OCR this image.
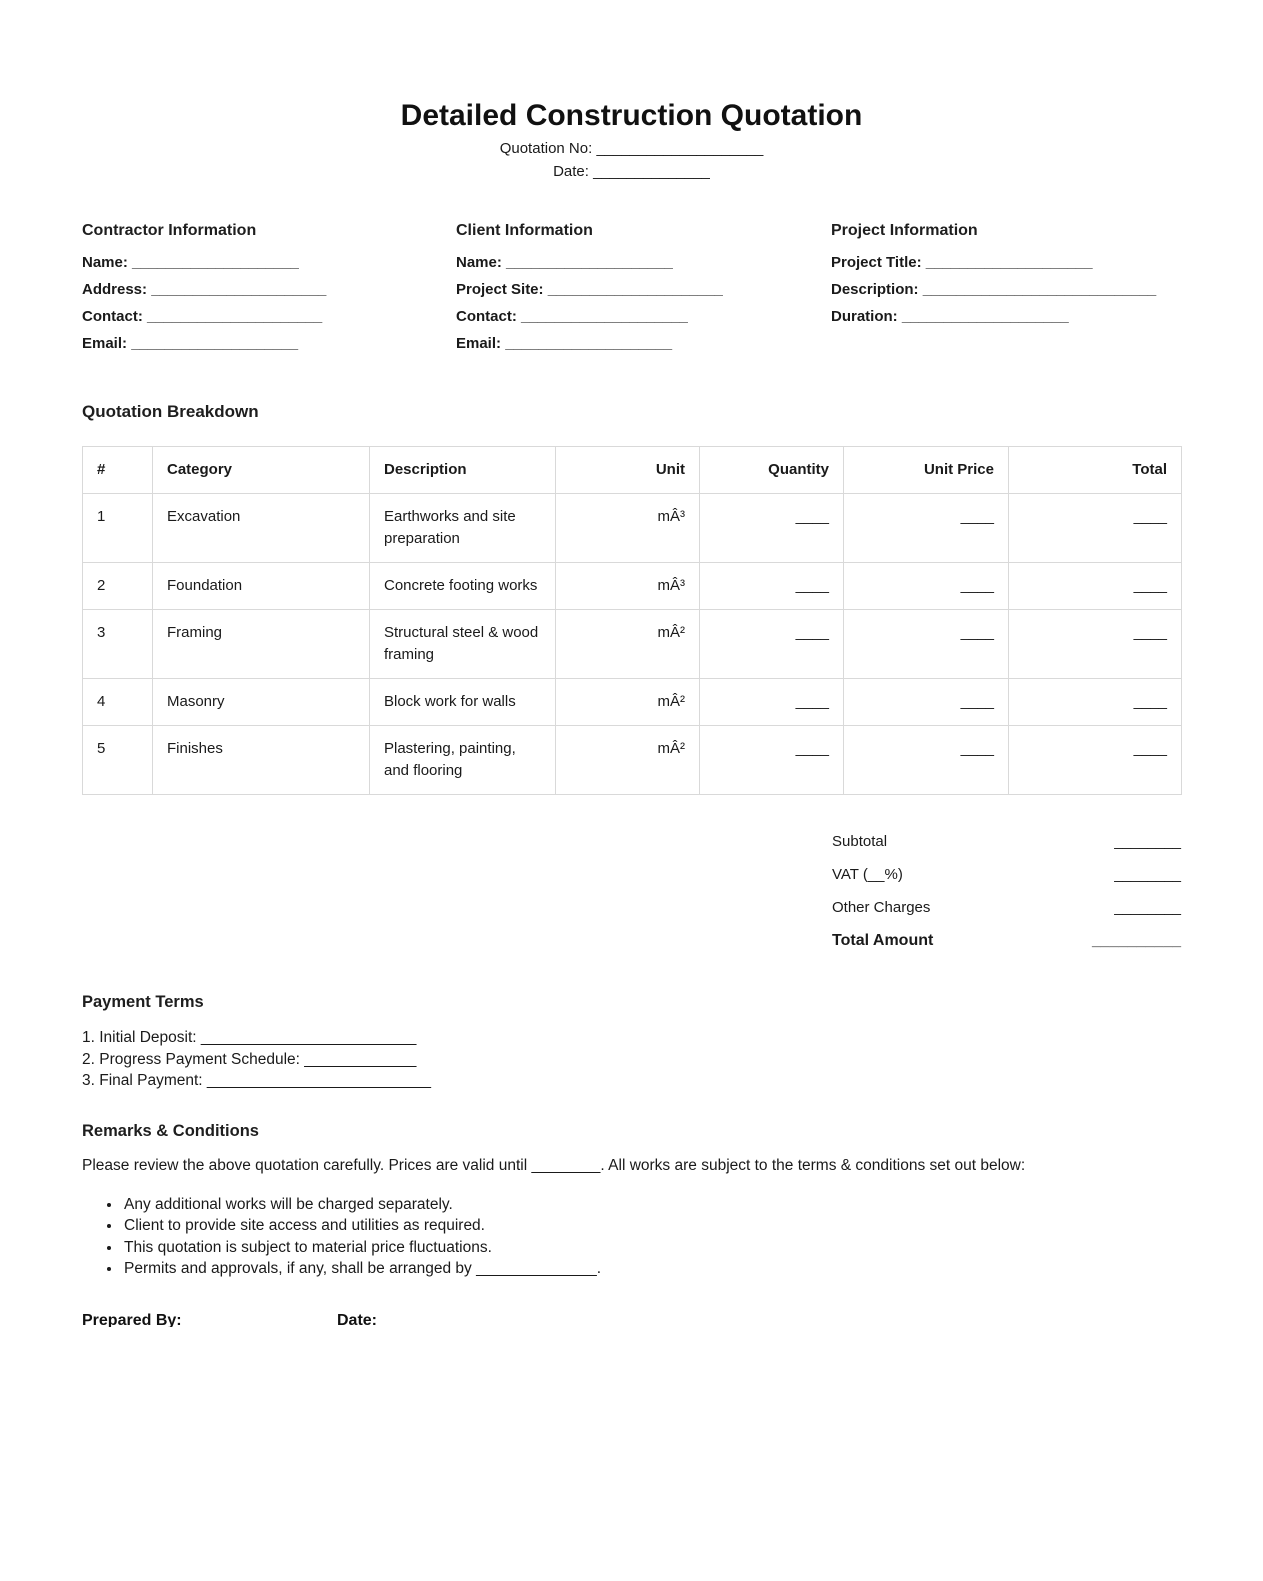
Detailed Construction Quotation
Quotation No: ____________________
Date: ______________
Contractor Information
Name: ____________________
Address: _____________________
Contact: _____________________
Email: ____________________
Client Information
Name: ____________________
Project Site: _____________________
Contact: ____________________
Email: ____________________
Project Information
Project Title: ____________________
Description: ____________________________
Duration: ____________________
Quotation Breakdown
#	Category	Description	Unit	Quantity	Unit Price	Total
1	Excavation	Earthworks and site preparation	mÂ³	____	____	____
2	Foundation	Concrete footing works	mÂ³	____	____	____
3	Framing	Structural steel & wood framing	mÂ²	____	____	____
4	Masonry	Block work for walls	mÂ²	____	____	____
5	Finishes	Plastering, painting, and flooring	mÂ²	____	____	____
Subtotal	________
VAT (__%)	________
Other Charges	________
Total Amount	__________
Payment Terms
1. Initial Deposit: _________________________
2. Progress Payment Schedule: _____________
3. Final Payment: __________________________
Remarks & Conditions
Please review the above quotation carefully. Prices are valid until ________. All works are subject to the terms & conditions set out below:
• Any additional works will be charged separately.
• Client to provide site access and utilities as required.
• This quotation is subject to material price fluctuations.
• Permits and approvals, if any, shall be arranged by ______________.
Prepared By:	Date:
